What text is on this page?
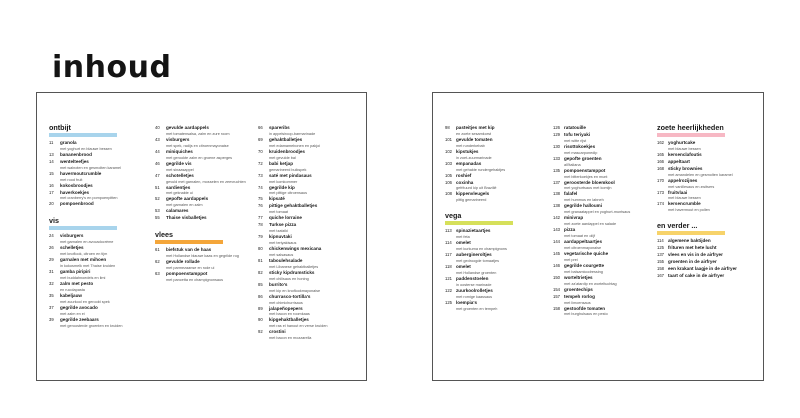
inhoud
ontbijt
11	granola
met yoghurt en blauwe bessen
13	bananenbrood
14	wentelteefjes
met walnoten en gesmolten karamel
15	havermoutcrumble
met rood fruit
16	kokosbroodjes
17	haverkoekjes
met cranberry's en pompoenpitten
20	pompoenbrood
vis
24	visburgers
met garnalen en avocadocrème
26	schelletjes
met knoflook, citroen en tijm
29	garnalen met mihoen
in kokosmelk met Thaise kruiden
31	gamba piripiri
met buddahnoedels en limi
32	zalm met pesto
en rucolapasta
35	kabeljauw
met zuurkool en gerookt spek
37	gegrilde avocado
met zalm en ei
39	gegrilde zeebaars
met geroosterde groenten en kruiden
40	gevulde aardappels
met tomatensalsa, zalm en zure room
43	visburgers
met spek, radijs en citroenmayonaise
44	miniquiches
met gerookte zalm en groene asperges
46	gegrilde vis
met sinaasappel
47	schotelletjes
gevuld met garnalen, mosselen en zeevruchten
51	sardientjes
met geknakte ui
52	gepofte aardappels
met garnalen en zalm
53	calamares
55	Thaise visballetjes
vlees
61	biefstuk van de haas
met Hollandse blauwe kaas en gegrilde rog
62	gevulde rollade
met parmezaanse en rode ui
63	pompoenstamppot
met pancetta en champignonsaus
66	spareribs
in appelsiroop-barmarinade
69	gehaktballetjes
met edamamebonen en pakjoi
70	kruidenbroodjes
met gevulde bal
72	babi ketjap
gemarineerd buikspek
73	saté met pindasaus
met komkommer
74	gegrilde kip
met pittige citroensaus
75	kipsaté
76	pittige gehaktballetjes
met tomaat
77	quiche lorraine
78	Turkse pizza
met tzatziki
79	kipnuvtaki
met teriyakisaus
80	chickenwings mexicana
met salsasaus
81	taboulehsalade
met Libanese gehaktballetjes
82	sticky kipdrumsticks
met chilisaus en honing
85	burrito's
met kip en knoflookmayonaise
86	churrasco-tortilla's
met chimichurrisaus
89	jalapeñopepers
met bacon en roomkaas
90	kipgehaktballetjes
met ras el hanout en verse kruiden
92	crostini
met bacon en mozzarella
98	pasteitjes met kip
en zoete sesamkorst
101 gevulde tomaten
met runderkebab
102 kipstukjes
in zoet-zuurmarinade
103 empanadas
met gehakte rundergehaktjes
105 roshief
106 coxinha
gefrituurd kip uit Brazilië
108 kippenvleugels
pittig gemarineerd
vega
113 spinazietaartjes
met feta
114 omelet
met kurkuma en champignons
117 aubergineroltjes
met gedroogde tomaatjes
118 omelet
met Hollandse groenten
121 paddenstoelen
in oosterse marinade
122 zuurkoolrolletjes
met romige kaassaus
125 loempia's
met groenten en tempeh
126 ratatouille
129 tofu teriyaki
met witte rijst
130 risottokoekjes
met mascarponedip
133 gepofte groenten
all'italiana
135 pompoenstamppot
met bitterkoekjes en munt
137 geroosterde bloemkool
met yoghurtsaus met komijn
138 falafel
met hummus en labneh
138 gegrilde halloumi
met granaatappel en yoghurt-muntsaus
142 minivrap
met zoete aardappel en salade
143 pizza
met tomaat en olijf
144 aardappeltaartjes
met citroenmayonaise
145 vegetarische quiche
met prei
146 gegrilde courgette
met balsamicodressing
150 worteltrietjes
met za'atardip en worteltuchtag
154 groentechips
157 tempeh rorlog
met limoensaus
158 gestoofde tomaten
met burghulsaus en pesto
zoete heerlijkheden
162 yoghurtcake
met blauwe bessen
165 kersenclafoutis
166 appeltaart
168 sticky brownies
met amandelen en gesmolten karamel
170 appelrozijnes
met vanillesaus en zwitsers
173 fruitvlaai
met blauwe bessen
174 kersencrumble
met havermout en pollen
en verder ...
114 algemene baktijden
125 frituren met hete lucht
137 vlees en vis in de airfryer
155 groenten in de airfryer
158 een krakant laagje in de airfryer
167 taart of cake in de airfryer
